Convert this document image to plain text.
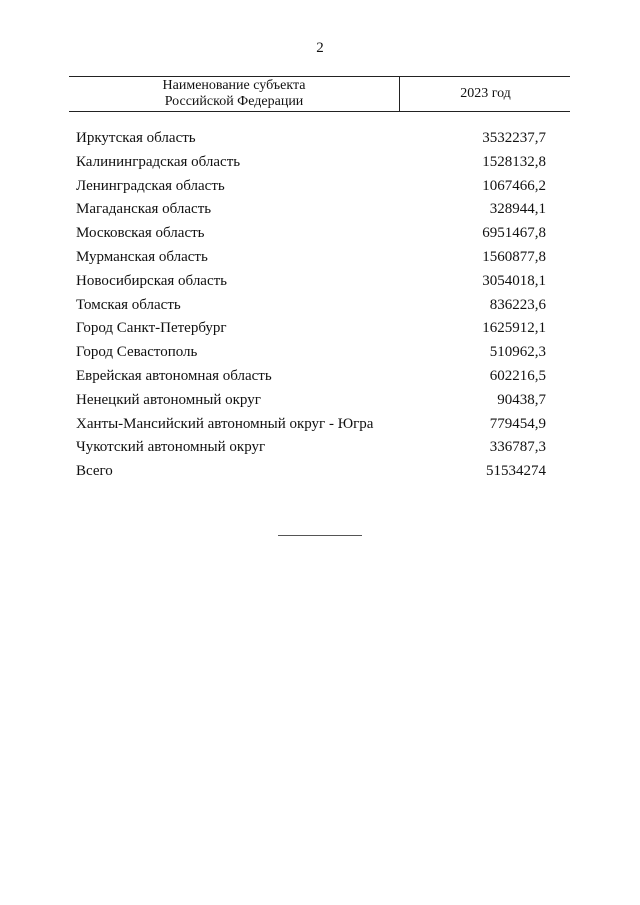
2
Наименование субъекта
Российской Федерации
2023 год
Иркутская область	3532237,7
Калининградская область	1528132,8
Ленинградская область	1067466,2
Магаданская область	328944,1
Московская область	6951467,8
Мурманская область	1560877,8
Новосибирская область	3054018,1
Томская область	836223,6
Город Санкт-Петербург	1625912,1
Город Севастополь	510962,3
Еврейская автономная область	602216,5
Ненецкий автономный округ	90438,7
Ханты-Мансийский автономный округ - Югра	779454,9
Чукотский автономный округ	336787,3
Всего	51534274
